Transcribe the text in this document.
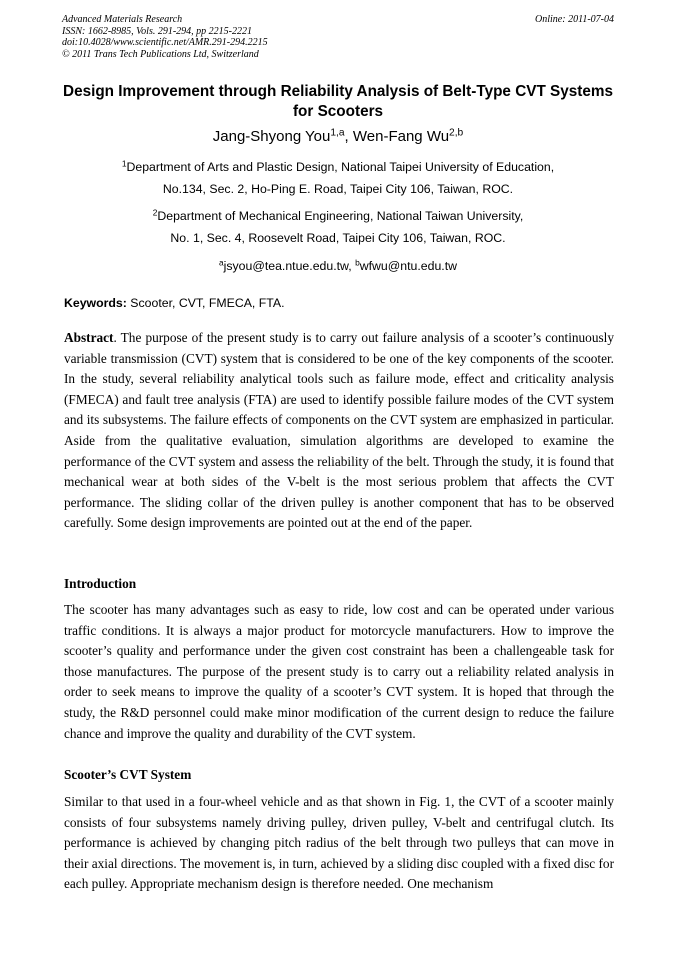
Advanced Materials Research
ISSN: 1662-8985, Vols. 291-294, pp 2215-2221
doi:10.4028/www.scientific.net/AMR.291-294.2215
© 2011 Trans Tech Publications Ltd, Switzerland
Online: 2011-07-04
Design Improvement through Reliability Analysis of Belt-Type CVT Systems for Scooters
Jang-Shyong You$^{1,a}$, Wen-Fang Wu$^{2,b}$
$^1$Department of Arts and Plastic Design, National Taipei University of Education,
No.134, Sec. 2, Ho-Ping E. Road, Taipei City 106, Taiwan, ROC.
$^2$Department of Mechanical Engineering, National Taiwan University,
No. 1, Sec. 4, Roosevelt Road, Taipei City 106, Taiwan, ROC.
$^a$jsyou@tea.ntue.edu.tw, $^b$wfwu@ntu.edu.tw
Keywords: Scooter, CVT, FMECA, FTA.

Abstract. The purpose of the present study is to carry out failure analysis of a scooter’s continuously variable transmission (CVT) system that is considered to be one of the key components of the scooter. In the study, several reliability analytical tools such as failure mode, effect and criticality analysis (FMECA) and fault tree analysis (FTA) are used to identify possible failure modes of the CVT system and its subsystems. The failure effects of components on the CVT system are emphasized in particular. Aside from the qualitative evaluation, simulation algorithms are developed to examine the performance of the CVT system and assess the reliability of the belt. Through the study, it is found that mechanical wear at both sides of the V-belt is the most serious problem that affects the CVT performance. The sliding collar of the driven pulley is another component that has to be observed carefully. Some design improvements are pointed out at the end of the paper.

Introduction

The scooter has many advantages such as easy to ride, low cost and can be operated under various traffic conditions. It is always a major product for motorcycle manufacturers. How to improve the scooter’s quality and performance under the given cost constraint has been a challengeable task for those manufactures. The purpose of the present study is to carry out a reliability related analysis in order to seek means to improve the quality of a scooter’s CVT system. It is hoped that through the study, the R&D personnel could make minor modification of the current design to reduce the failure chance and improve the quality and durability of the CVT system.

Scooter’s CVT System

Similar to that used in a four-wheel vehicle and as that shown in Fig. 1, the CVT of a scooter mainly consists of four subsystems namely driving pulley, driven pulley, V-belt and centrifugal clutch. Its performance is achieved by changing pitch radius of the belt through two pulleys that can move in their axial directions. The movement is, in turn, achieved by a sliding disc coupled with a fixed disc for each pulley. Appropriate mechanism design is therefore needed. One mechanism
